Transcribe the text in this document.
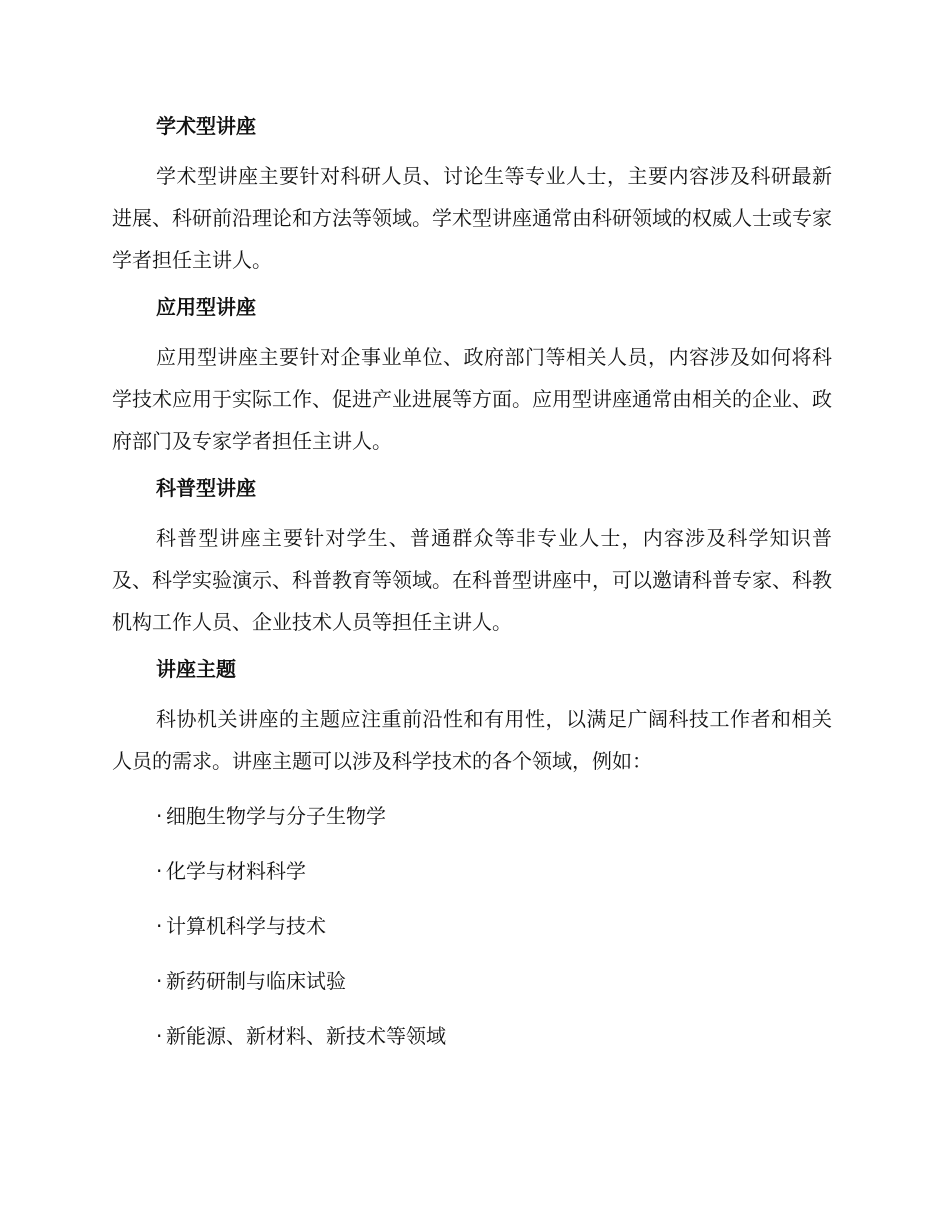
学术型讲座

学术型讲座主要针对科研人员、讨论生等专业人士，主要内容涉及科研最新进展、科研前沿理论和方法等领域。学术型讲座通常由科研领域的权威人士或专家学者担任主讲人。

应用型讲座

应用型讲座主要针对企事业单位、政府部门等相关人员，内容涉及如何将科学技术应用于实际工作、促进产业进展等方面。应用型讲座通常由相关的企业、政府部门及专家学者担任主讲人。

科普型讲座

科普型讲座主要针对学生、普通群众等非专业人士，内容涉及科学知识普及、科学实验演示、科普教育等领域。在科普型讲座中，可以邀请科普专家、科教机构工作人员、企业技术人员等担任主讲人。

讲座主题

科协机关讲座的主题应注重前沿性和有用性，以满足广阔科技工作者和相关人员的需求。讲座主题可以涉及科学技术的各个领域，例如：

· 细胞生物学与分子生物学
· 化学与材料科学
· 计算机科学与技术
· 新药研制与临床试验
· 新能源、新材料、新技术等领域
